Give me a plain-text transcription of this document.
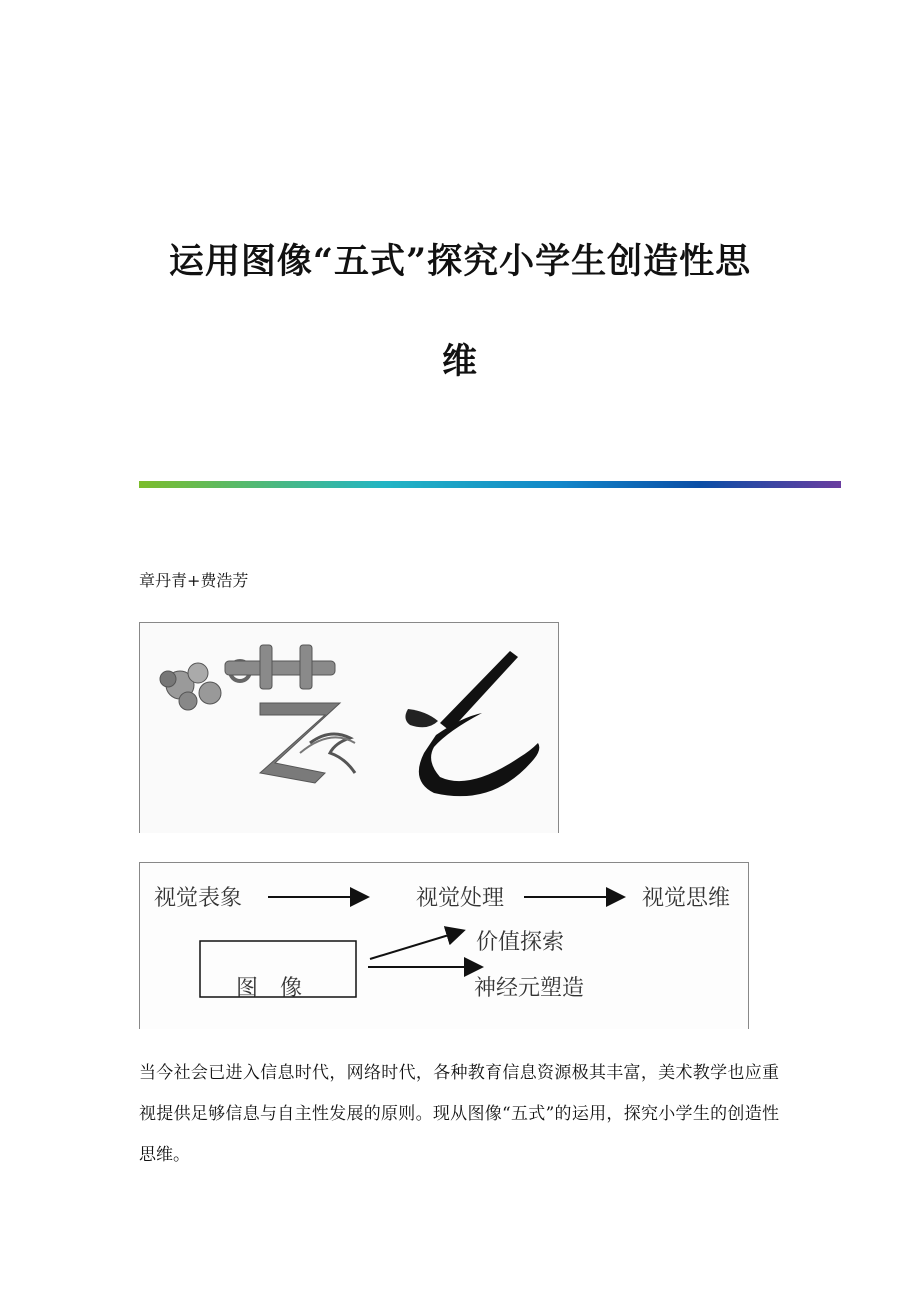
运用图像“五式”探究小学生创造性思
维

章丹青+费浩芳

视觉表象	视觉处理	视觉思维
图　像
价值探索
神经元塑造

当今社会已进入信息时代，网络时代，各种教育信息资源极其丰富，美术教学也应重视提供足够信息与自主性发展的原则。现从图像“五式”的运用，探究小学生的创造性思维。
